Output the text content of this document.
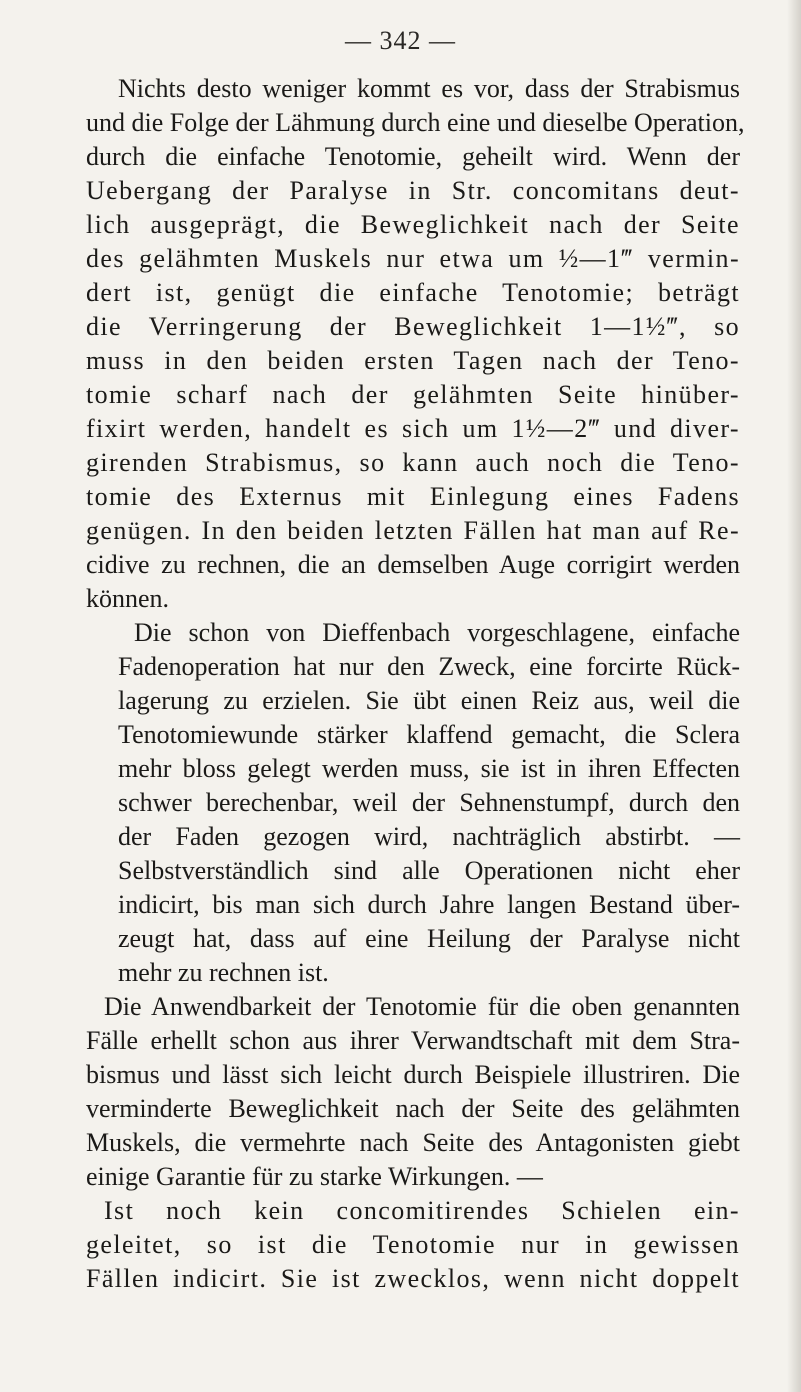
— 342 —
Nichts desto weniger kommt es vor, dass der Strabismus
und die Folge der Lähmung durch eine und dieselbe Operation,
durch die einfache Tenotomie, geheilt wird. Wenn der
Uebergang der Paralyse in Str. concomitans deut-
lich ausgeprägt, die Beweglichkeit nach der Seite
des gelähmten Muskels nur etwa um ½—1‴ vermin-
dert ist, genügt die einfache Tenotomie; beträgt
die Verringerung der Beweglichkeit 1—1½‴, so
muss in den beiden ersten Tagen nach der Teno-
tomie scharf nach der gelähmten Seite hinüber-
fixirt werden, handelt es sich um 1½—2‴ und diver-
girenden Strabismus, so kann auch noch die Teno-
tomie des Externus mit Einlegung eines Fadens
genügen. In den beiden letzten Fällen hat man auf Re-
cidive zu rechnen, die an demselben Auge corrigirt werden
können.
Die schon von Dieffenbach vorgeschlagene, einfache
Fadenoperation hat nur den Zweck, eine forcirte Rück-
lagerung zu erzielen. Sie übt einen Reiz aus, weil die
Tenotomiewunde stärker klaffend gemacht, die Sclera
mehr bloss gelegt werden muss, sie ist in ihren Effecten
schwer berechenbar, weil der Sehnenstumpf, durch den
der Faden gezogen wird, nachträglich abstirbt. —
Selbstverständlich sind alle Operationen nicht eher
indicirt, bis man sich durch Jahre langen Bestand über-
zeugt hat, dass auf eine Heilung der Paralyse nicht
mehr zu rechnen ist.
Die Anwendbarkeit der Tenotomie für die oben genannten
Fälle erhellt schon aus ihrer Verwandtschaft mit dem Stra-
bismus und lässt sich leicht durch Beispiele illustriren. Die
verminderte Beweglichkeit nach der Seite des gelähmten
Muskels, die vermehrte nach Seite des Antagonisten giebt
einige Garantie für zu starke Wirkungen. —
Ist noch kein concomitirendes Schielen ein-
geleitet, so ist die Tenotomie nur in gewissen
Fällen indicirt. Sie ist zwecklos, wenn nicht doppelt
